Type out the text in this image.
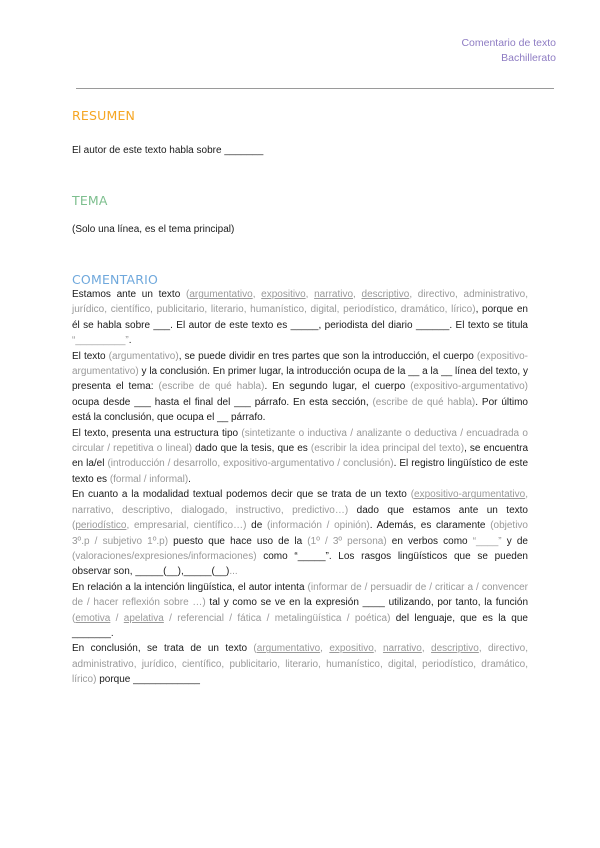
Comentario de texto
Bachillerato
RESUMEN
El autor de este texto habla sobre _______
TEMA
(Solo una línea, es el tema principal)
COMENTARIO

Estamos ante un texto (argumentativo, expositivo, narrativo, descriptivo, directivo, administrativo, jurídico, científico, publicitario, literario, humanístico, digital, periodístico, dramático, lírico), porque en él se habla sobre ___. El autor de este texto es _____, periodista del diario ______. El texto se titula “_________”.

El texto (argumentativo), se puede dividir en tres partes que son la introducción, el cuerpo (expositivo-argumentativo) y la conclusión. En primer lugar, la introducción ocupa de la __ a la __ línea del texto, y presenta el tema: (escribe de qué habla). En segundo lugar, el cuerpo (expositivo-argumentativo) ocupa desde ___ hasta el final del ___ párrafo. En esta sección, (escribe de qué habla). Por último está la conclusión, que ocupa el __ párrafo.

El texto, presenta una estructura tipo (sintetizante o inductiva / analizante o deductiva / encuadrada o circular / repetitiva o lineal) dado que la tesis, que es (escribir la idea principal del texto), se encuentra en la/el (introducción / desarrollo, expositivo-argumentativo / conclusión). El registro lingüístico de este texto es (formal / informal).

En cuanto a la modalidad textual podemos decir que se trata de un texto (expositivo-argumentativo, narrativo, descriptivo, dialogado, instructivo, predictivo…) dado que estamos ante un texto (periodístico, empresarial, científico…) de (información / opinión). Además, es claramente (objetivo 3º.p / subjetivo 1º.p) puesto que hace uso de la (1º / 3º persona) en verbos como “____” y de (valoraciones/expresiones/informaciones) como “_____”. Los rasgos lingüísticos que se pueden observar son, _____(__),_____(__)...

En relación a la intención lingüística, el autor intenta (informar de / persuadir de / criticar a / convencer de / hacer reflexión sobre …) tal y como se ve en la expresión ____ utilizando, por tanto, la función (emotiva / apelativa / referencial / fática / metalingüística / poética) del lenguaje, que es la que _______.

En conclusión, se trata de un texto (argumentativo, expositivo, narrativo, descriptivo, directivo, administrativo, jurídico, científico, publicitario, literario, humanístico, digital, periodístico, dramático, lírico) porque ____________
